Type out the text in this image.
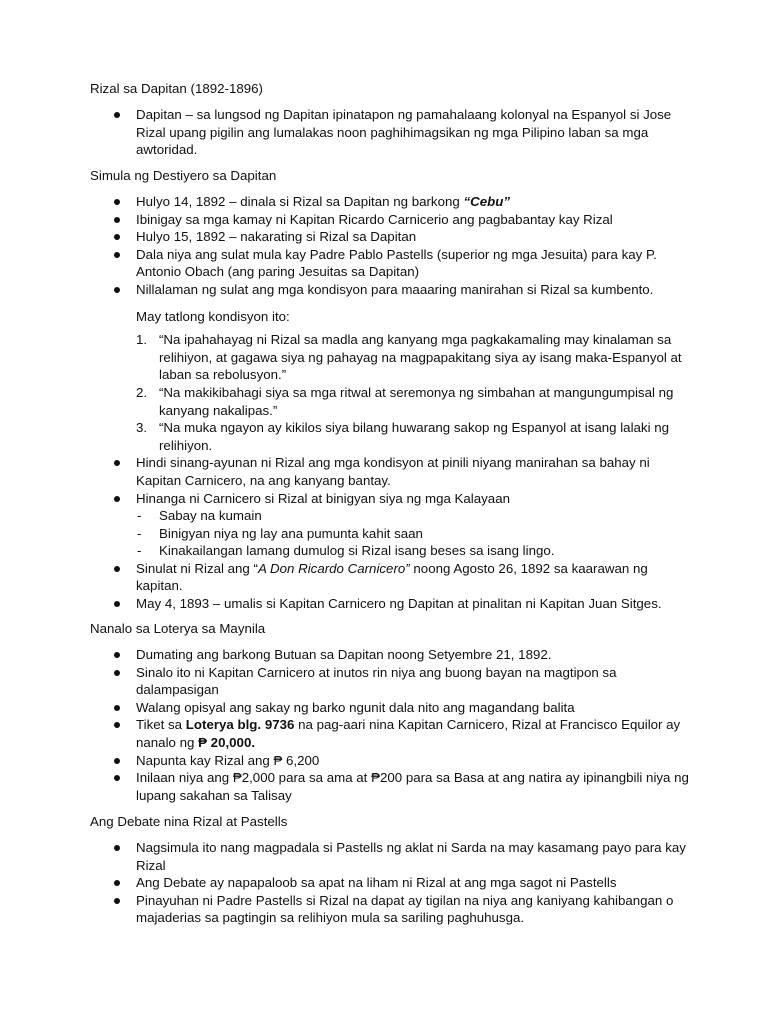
Rizal sa Dapitan (1892-1896)
Dapitan – sa lungsod ng Dapitan ipinatapon ng pamahalaang kolonyal na Espanyol si Jose Rizal upang pigilin ang lumalakas noon paghihimagsikan ng mga Pilipino laban sa mga awtoridad.
Simula ng Destiyero sa Dapitan
Hulyo 14, 1892 – dinala si Rizal sa Dapitan ng barkong “Cebu”
Ibinigay sa mga kamay ni Kapitan Ricardo Carnicerio ang pagbabantay kay Rizal
Hulyo 15, 1892 – nakarating si Rizal sa Dapitan
Dala niya ang sulat mula kay Padre Pablo Pastells (superior ng mga Jesuita) para kay P. Antonio Obach (ang paring Jesuitas sa Dapitan)
Nillalaman ng sulat ang mga kondisyon para maaaring manirahan si Rizal sa kumbento.
May tatlong kondisyon ito:
1. “Na ipahahayag ni Rizal sa madla ang kanyang mga pagkakamaling may kinalaman sa relihiyon, at gagawa siya ng pahayag na magpapakitang siya ay isang maka-Espanyol at laban sa rebolusyon.”
2. “Na makikibahagi siya sa mga ritwal at seremonya ng simbahan at mangungumpisal ng kanyang nakalipas.”
3. “Na muka ngayon ay kikilos siya bilang huwarang sakop ng Espanyol at isang lalaki ng relihiyon.
Hindi sinang-ayunan ni Rizal ang mga kondisyon at pinili niyang manirahan sa bahay ni Kapitan Carnicero, na ang kanyang bantay.
Hinanga ni Carnicero si Rizal at binigyan siya ng mga Kalayaan
- Sabay na kumain
- Binigyan niya ng lay ana pumunta kahit saan
- Kinakailangan lamang dumulog si Rizal isang beses sa isang lingo.
Sinulat ni Rizal ang “A Don Ricardo Carnicero” noong Agosto 26, 1892 sa kaarawan ng kapitan.
May 4, 1893 – umalis si Kapitan Carnicero ng Dapitan at pinalitan ni Kapitan Juan Sitges.
Nanalo sa Loterya sa Maynila
Dumating ang barkong Butuan sa Dapitan noong Setyembre 21, 1892.
Sinalo ito ni Kapitan Carnicero at inutos rin niya ang buong bayan na magtipon sa dalampasigan
Walang opisyal ang sakay ng barko ngunit dala nito ang magandang balita
Tiket sa Loterya blg. 9736 na pag-aari nina Kapitan Carnicero, Rizal at Francisco Equilor ay nanalo ng ₱ 20,000.
Napunta kay Rizal ang ₱ 6,200
Inilaan niya ang ₱2,000 para sa ama at ₱200 para sa Basa at ang natira ay ipinangbili niya ng lupang sakahan sa Talisay
Ang Debate nina Rizal at Pastells
Nagsimula ito nang magpadala si Pastells ng aklat ni Sarda na may kasamang payo para kay Rizal
Ang Debate ay napapaloob sa apat na liham ni Rizal at ang mga sagot ni Pastells
Pinayuhan ni Padre Pastells si Rizal na dapat ay tigilan na niya ang kaniyang kahibangan o majaderias sa pagtingin sa relihiyon mula sa sariling paghuhusga.
